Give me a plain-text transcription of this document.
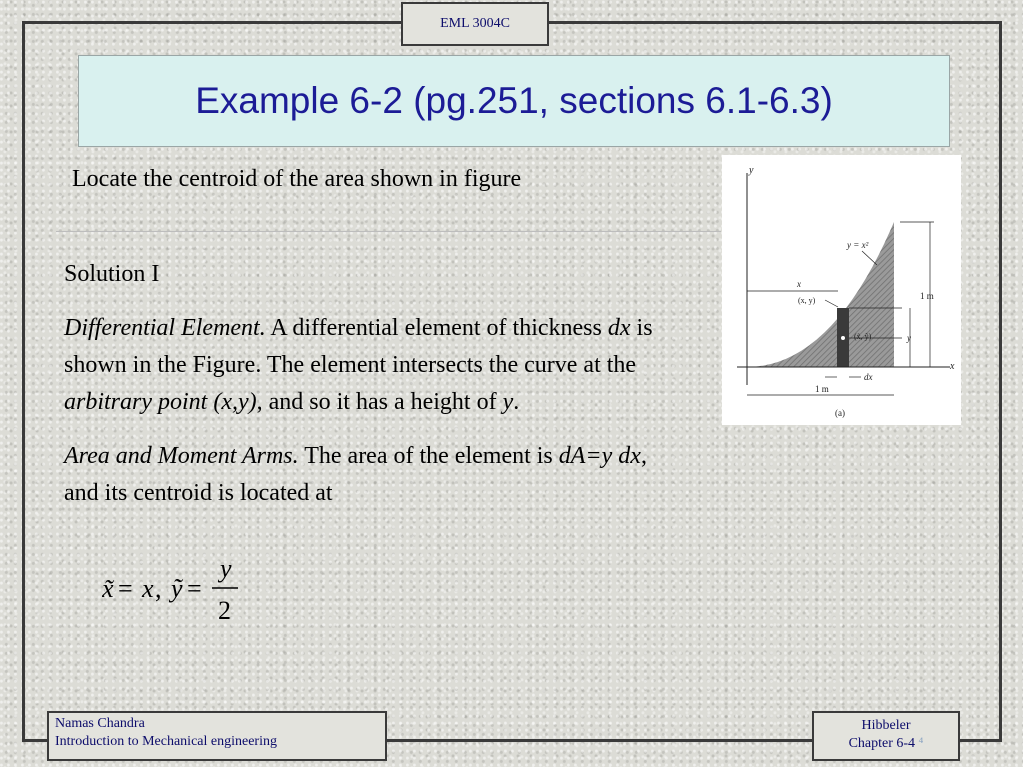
EML 3004C
Example 6-2 (pg.251, sections 6.1-6.3)
Locate the centroid of the area shown in figure

Solution I

Differential Element. A differential element of thickness dx is shown in the Figure. The element intersects the curve at the arbitrary point (x,y), and so it has a height of y.

Area and Moment Arms. The area of the element is dA=y dx, and its centroid is located at

x̃ = x , ỹ =
y
2
y
x
y = x²
x
(x, y)	1 m
(x̃, ỹ)	y
dx
1 m
(a)
Namas Chandra
Introduction to Mechanical engineering
Hibbeler
Chapter 6-4 ⁴
